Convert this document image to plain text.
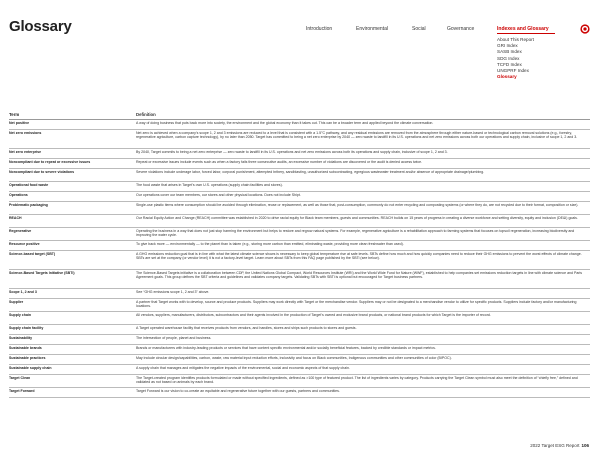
Glossary	Introduction	Environmental	Social	Governance	Indexes and Glossary
About This Report
GRI Index
SASB Index
SDG Index
TCFD Index
UNGPRF Index
Glossary
Term	Definition
Net positive	A way of doing business that puts back more into society, the environment and the global economy than it takes out. This can be a broader term and applied beyond the climate conversation.
Net zero emissions	Net zero is achieved when a company’s scope 1, 2 and 3 emissions are reduced to a level that is consistent with a 1.5°C pathway, and any residual emissions are removed from the atmosphere through either nature-based or technological carbon removal solutions (e.g., forestry, regenerative agriculture, carbon capture technology), by no later than 2050. Target has committed to being a net zero enterprise by 2040 — zero waste to landfill in its U.S. operations and net zero emissions across both our operations and supply chain, inclusive of scope 1, 2 and 3.
Net zero enterprise	By 2040, Target commits to being a net zero enterprise — zero waste to landfill in its U.S. operations and net zero emissions across both its operations and supply chain, inclusive of scope 1, 2 and 3.
Noncompliant due to repeat or excessive issues	Repeat or excessive issues include events such as when a factory fails three consecutive audits, an excessive number of violations are discovered or the audit is denied access twice.
Noncompliant due to severe violations	Severe violations include underage labor, forced labor, corporal punishment, attempted bribery, sandblasting, unauthorized subcontracting, egregious wastewater treatment and/or absence of appropriate drainage/plumbing.
Operational food waste	The food waste that arises in Target’s own U.S. operations (supply chain facilities and stores).
Operations	Our operations cover our team members, our stores and other physical locations. Does not include Shipt.
Problematic packaging	Single-use plastic items where consumption should be avoided through elimination, reuse or replacement, as well as those that, post-consumption, commonly do not enter recycling and composting systems (or where they do, are not recycled due to their format, composition or size).
REACH	Our Racial Equity Action and Change (REACH) committee was established in 2020 to drive racial equity for Black team members, guests and communities. REACH builds on 15 years of progress in creating a diverse workforce and setting diversity, equity and inclusion (DE&I) goals.
Regenerative	Operating the business in a way that does not just stop harming the environment but helps to restore and regrow natural systems. For example, regenerative agriculture is a rehabilitation approach to farming systems that focuses on topsoil regeneration, increasing biodiversity and improving the water cycle.
Resource positive	To give back more — environmentally — to the planet than is taken (e.g., storing more carbon than emitted, eliminating waste, providing more clean freshwater than used).
Science-based target (SBT)	A GHG emissions reduction goal that is in line with what the latest climate science shows is necessary to keep global temperature rise at safe levels. SBTs define how much and how quickly companies need to reduce their GHG emissions to prevent the worst effects of climate change. SBTs are set at the company (or vendor level) it is not a factory-level target. Learn more about SBTs from this FAQ page published by the SBTi (see below).
Science-Based Targets Initiative (SBTi)	The Science-Based Targets initiative is a collaboration between CDP, the United Nations Global Compact, World Resources Institute (WRI) and the World Wide Fund for Nature (WWF), established to help companies set emissions reduction targets in line with climate science and Paris Agreement goals. This group defines the SBT criteria and guidelines and validates company targets. Validating SBTs with SBTi is optional but encouraged for Target business partners.
Scope 1, 2 and 3	See “GHG emissions scope 1, 2 and 3” above.
Supplier	A partner that Target works with to develop, source and produce products. Suppliers may work directly with Target or the merchandise vendor. Suppliers may or not be designated to a merchandise vendor to utilize for specific products. Suppliers include factory and/or manufacturing locations.
Supply chain	All vendors, suppliers, manufacturers, distributors, subcontractors and their agents involved in the production of Target’s owned and exclusive brand products, or national brand products for which Target is the importer of record.
Supply chain facility	A Target operated warehouse facility that receives products from vendors, and handles, stores and ships such products to stores and guests.
Sustainability	The intersection of people, planet and business.
Sustainable brands	Brands or manufacturers with industry-leading products or services that have content specific environmental and/or socially beneficial features, backed by credible standards or impact metrics.
Sustainable practices	May include circular design/capabilities, carbon, waste, raw material input reduction efforts, inclusivity and focus on Black communities, Indigenous communities and other communities of color (BIPOC).
Sustainable supply chain	A supply chain that manages and mitigates the negative impacts of the environmental, social and economic aspects of that supply chain.
Target Clean	The Target-created program identifies products formulated or made without specified ingredients, defined as >100 type of featured product. The list of ingredients varies by category. Products carrying the Target Clean symbol must also meet the definition of “chiefly free,” defined and validated as not based on animals by each brand.
Target Forward	Target Forward is our vision to co-create an equitable and regenerative future together with our guests, partners and communities.
2022 Target ESG Report 106
